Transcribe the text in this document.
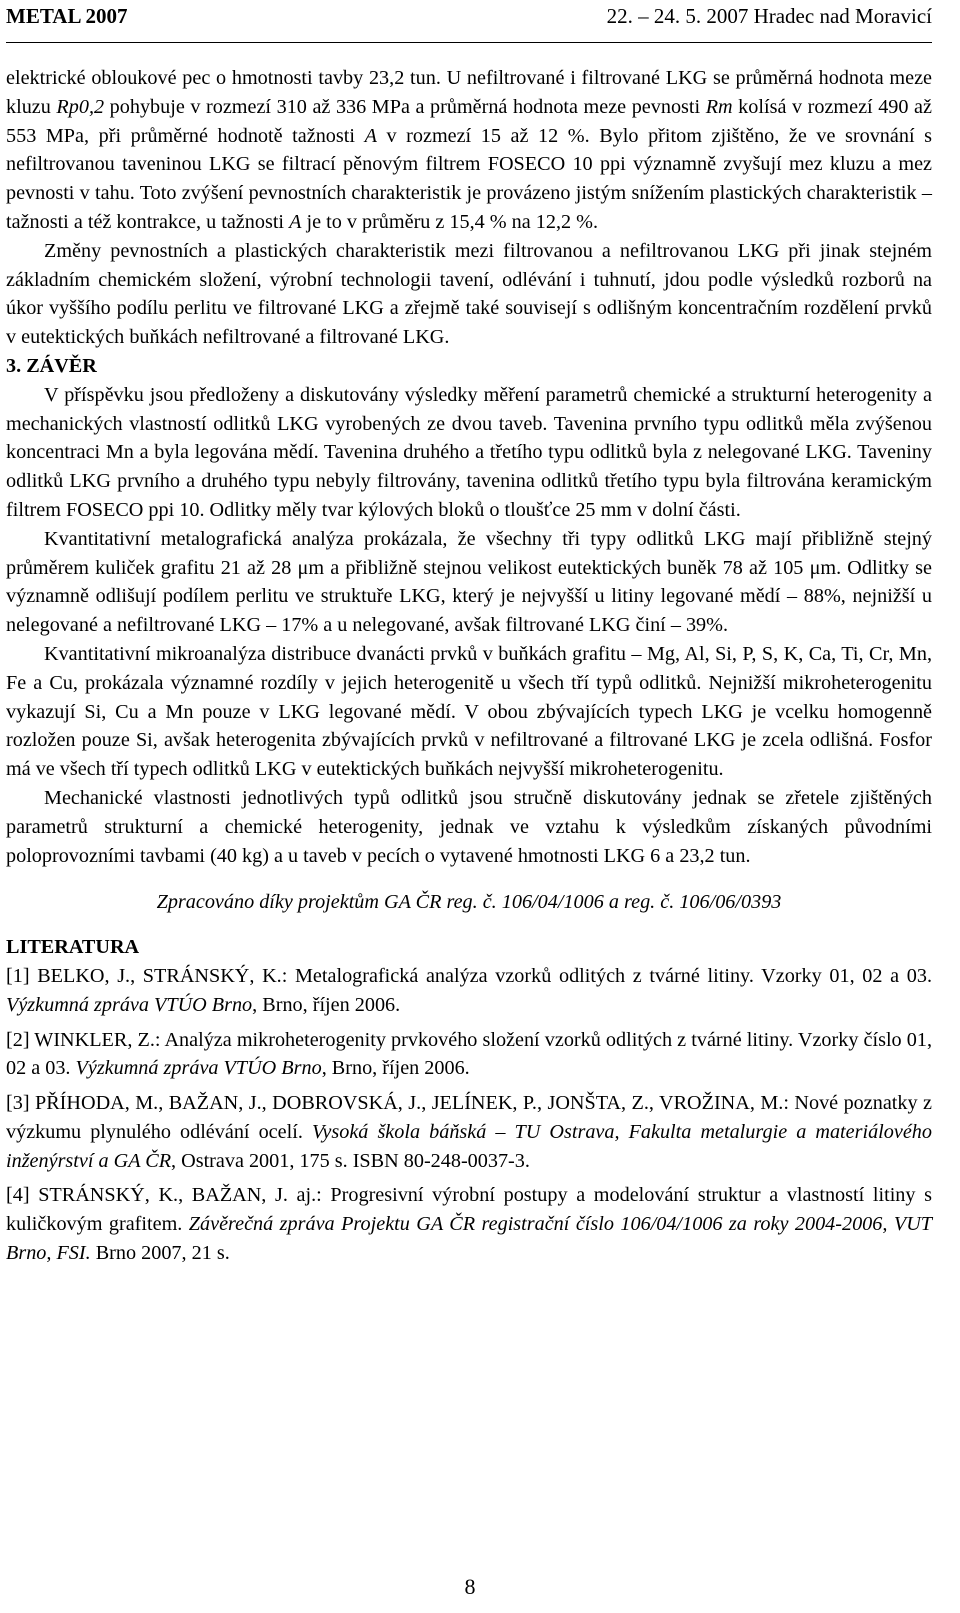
METAL 2007	22. – 24. 5. 2007 Hradec nad Moravicí

elektrické obloukové pec o hmotnosti tavby 23,2 tun. U nefiltrované i filtrované LKG se průměrná hodnota meze kluzu Rp0,2 pohybuje v rozmezí 310 až 336 MPa a průměrná hodnota meze pevnosti Rm kolísá v rozmezí 490 až 553 MPa, při průměrné hodnotě tažnosti A v rozmezí 15 až 12 %. Bylo přitom zjištěno, že ve srovnání s nefiltrovanou taveninou LKG se filtrací pěnovým filtrem FOSECO 10 ppi významně zvyšují mez kluzu a mez pevnosti v tahu. Toto zvýšení pevnostních charakteristik je provázeno jistým snížením plastických charakteristik – tažnosti a též kontrakce, u tažnosti A je to v průměru z 15,4 % na 12,2 %.

Změny pevnostních a plastických charakteristik mezi filtrovanou a nefiltrovanou LKG při jinak stejném základním chemickém složení, výrobní technologii tavení, odlévání i tuhnutí, jdou podle výsledků rozborů na úkor vyššího podílu perlitu ve filtrované LKG a zřejmě také souvisejí s odlišným koncentračním rozdělení prvků v eutektických buňkách nefiltrované a filtrované LKG.

3. ZÁVĚR

V příspěvku jsou předloženy a diskutovány výsledky měření parametrů chemické a strukturní heterogenity a mechanických vlastností odlitků LKG vyrobených ze dvou taveb. Tavenina prvního typu odlitků měla zvýšenou koncentraci Mn a byla legována mědí. Tavenina druhého a třetího typu odlitků byla z nelegované LKG. Taveniny odlitků LKG prvního a druhého typu nebyly filtrovány, tavenina odlitků třetího typu byla filtrována keramickým filtrem FOSECO ppi 10. Odlitky měly tvar kýlových bloků o tloušťce 25 mm v dolní části.

Kvantitativní metalografická analýza prokázala, že všechny tři typy odlitků LKG mají přibližně stejný průměrem kuliček grafitu 21 až 28 μm a přibližně stejnou velikost eutektických buněk 78 až 105 μm. Odlitky se významně odlišují podílem perlitu ve struktuře LKG, který je nejvyšší u litiny legované mědí – 88%, nejnižší u nelegované a nefiltrované LKG – 17% a u nelegované, avšak filtrované LKG činí – 39%.

Kvantitativní mikroanalýza distribuce dvanácti prvků v buňkách grafitu – Mg, Al, Si, P, S, K, Ca, Ti, Cr, Mn, Fe a Cu, prokázala významné rozdíly v jejich heterogenitě u všech tří typů odlitků. Nejnižší mikroheterogenitu vykazují Si, Cu a Mn pouze v LKG legované mědí. V obou zbývajících typech LKG je vcelku homogenně rozložen pouze Si, avšak heterogenita zbývajících prvků v nefiltrované a filtrované LKG je zcela odlišná. Fosfor má ve všech tří typech odlitků LKG v eutektických buňkách nejvyšší mikroheterogenitu.

Mechanické vlastnosti jednotlivých typů odlitků jsou stručně diskutovány jednak se zřetele zjištěných parametrů strukturní a chemické heterogenity, jednak ve vztahu k výsledkům získaných původními poloprovozními tavbami (40 kg) a u taveb v pecích o vytavené hmotnosti LKG 6 a 23,2 tun.

Zpracováno díky projektům GA ČR reg. č. 106/04/1006 a reg. č. 106/06/0393

LITERATURA

[1] BELKO, J., STRÁNSKÝ, K.: Metalografická analýza vzorků odlitých z tvárné litiny. Vzorky 01, 02 a 03. Výzkumná zpráva VTÚO Brno, Brno, říjen 2006.

[2] WINKLER, Z.: Analýza mikroheterogenity prvkového složení vzorků odlitých z tvárné litiny. Vzorky číslo 01, 02 a 03. Výzkumná zpráva VTÚO Brno, Brno, říjen 2006.

[3] PŘÍHODA, M., BAŽAN, J., DOBROVSKÁ, J., JELÍNEK, P., JONŠTA, Z., VROŽINA, M.: Nové poznatky z výzkumu plynulého odlévání ocelí. Vysoká škola báňská – TU Ostrava, Fakulta metalurgie a materiálového inženýrství a GA ČR, Ostrava 2001, 175 s. ISBN 80-248-0037-3.

[4] STRÁNSKÝ, K., BAŽAN, J. aj.: Progresivní výrobní postupy a modelování struktur a vlastností litiny s kuličkovým grafitem. Závěrečná zpráva Projektu GA ČR registrační číslo 106/04/1006 za roky 2004-2006, VUT Brno, FSI. Brno 2007, 21 s.

8
